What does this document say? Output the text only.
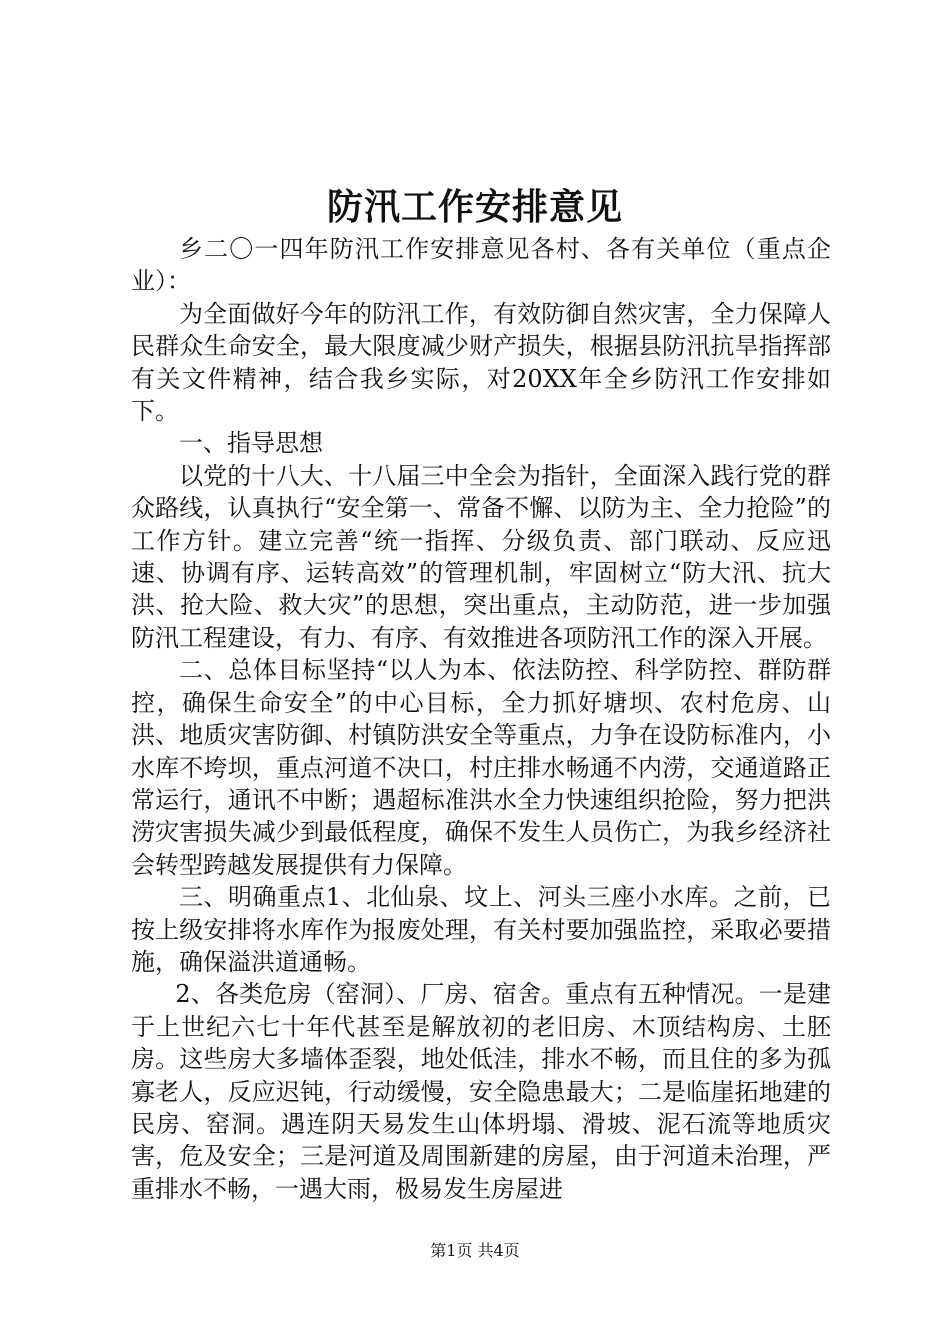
防汛工作安排意见

乡二〇一四年防汛工作安排意见各村、各有关单位（重点企业）：

为全面做好今年的防汛工作，有效防御自然灾害，全力保障人民群众生命安全，最大限度减少财产损失，根据县防汛抗旱指挥部有关文件精神，结合我乡实际，对20XX年全乡防汛工作安排如下。

一、指导思想

以党的十八大、十八届三中全会为指针，全面深入践行党的群众路线，认真执行“安全第一、常备不懈、以防为主、全力抢险”的工作方针。建立完善“统一指挥、分级负责、部门联动、反应迅速、协调有序、运转高效”的管理机制，牢固树立“防大汛、抗大洪、抢大险、救大灾”的思想，突出重点，主动防范，进一步加强防汛工程建设，有力、有序、有效推进各项防汛工作的深入开展。

二、总体目标坚持“以人为本、依法防控、科学防控、群防群控，确保生命安全”的中心目标，全力抓好塘坝、农村危房、山洪、地质灾害防御、村镇防洪安全等重点，力争在设防标准内，小水库不垮坝，重点河道不决口，村庄排水畅通不内涝，交通道路正常运行，通讯不中断；遇超标准洪水全力快速组织抢险，努力把洪涝灾害损失减少到最低程度，确保不发生人员伤亡，为我乡经济社会转型跨越发展提供有力保障。

三、明确重点1、北仙泉、坟上、河头三座小水库。之前，已按上级安排将水库作为报废处理，有关村要加强监控，采取必要措施，确保溢洪道通畅。

2、各类危房（窑洞）、厂房、宿舍。重点有五种情况。一是建于上世纪六七十年代甚至是解放初的老旧房、木顶结构房、土胚房。这些房大多墙体歪裂，地处低洼，排水不畅，而且住的多为孤寡老人，反应迟钝，行动缓慢，安全隐患最大；二是临崖拓地建的民房、窑洞。遇连阴天易发生山体坍塌、滑坡、泥石流等地质灾害，危及安全；三是河道及周围新建的房屋，由于河道未治理，严重排水不畅，一遇大雨，极易发生房屋进

第1页 共4页
